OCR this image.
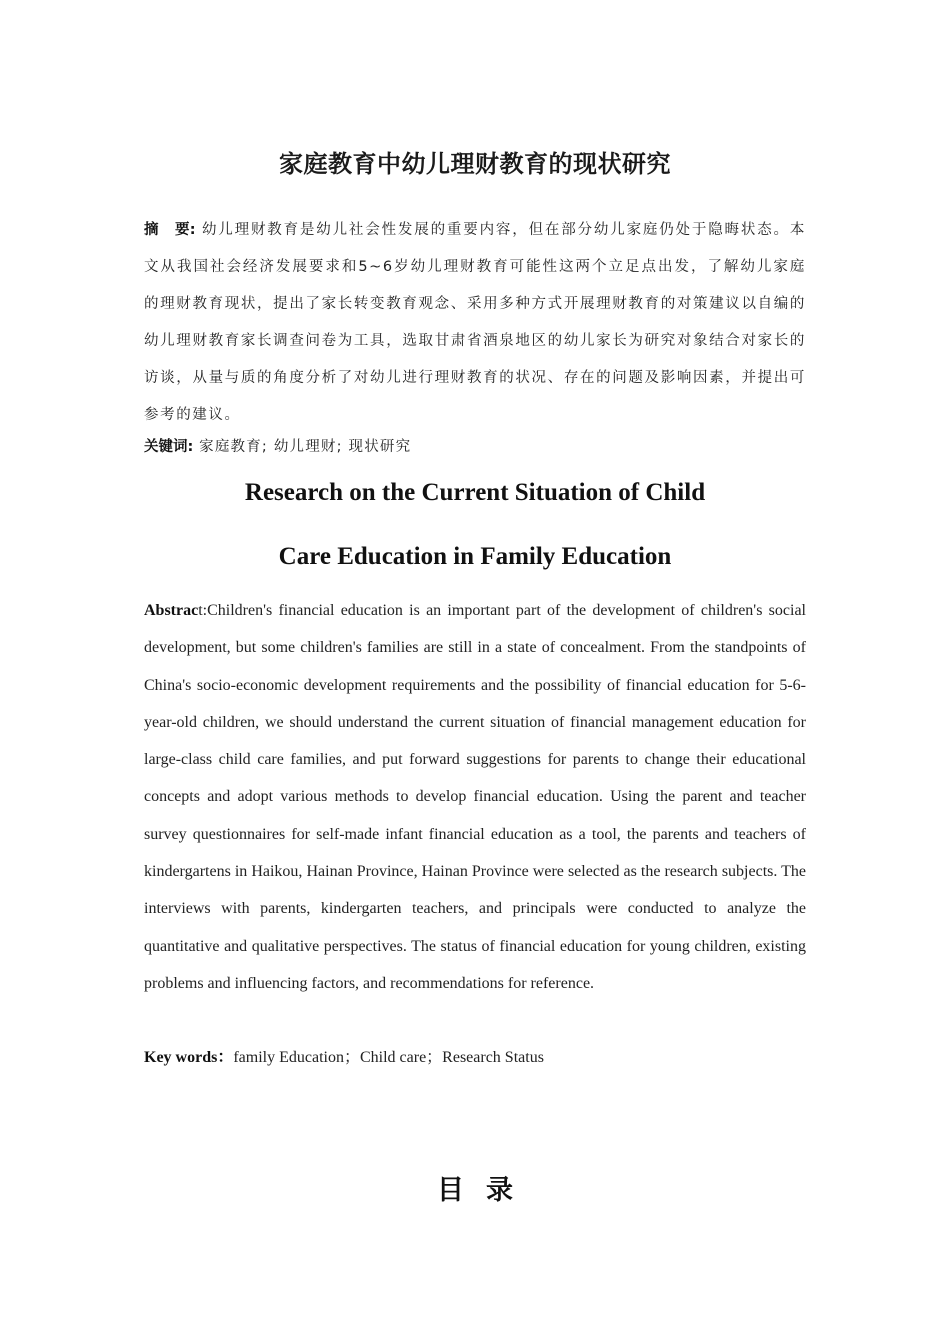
家庭教育中幼儿理财教育的现状研究
摘 要: 幼儿理财教育是幼儿社会性发展的重要内容，但在部分幼儿家庭仍处于隐晦状态。本文从我国社会经济发展要求和5~6岁幼儿理财教育可能性这两个立足点出发，了解幼儿家庭的理财教育现状，提出了家长转变教育观念、采用多种方式开展理财教育的对策建议以自编的幼儿理财教育家长调查问卷为工具，选取甘肃省酒泉地区的幼儿家长为研究对象结合对家长的访谈，从量与质的角度分析了对幼儿进行理财教育的状况、存在的问题及影响因素，并提出可参考的建议。
关键词: 家庭教育; 幼儿理财; 现状研究
Research on the Current Situation of Child
Care Education in Family Education
Abstract:Children's financial education is an important part of the development of children's social development, but some children's families are still in a state of concealment. From the standpoints of China's socio-economic development requirements and the possibility of financial education for 5-6-year-old children, we should understand the current situation of financial management education for large-class child care families, and put forward suggestions for parents to change their educational concepts and adopt various methods to develop financial education. Using the parent and teacher survey questionnaires for self-made infant financial education as a tool, the parents and teachers of kindergartens in Haikou, Hainan Province, Hainan Province were selected as the research subjects. The interviews with parents, kindergarten teachers, and principals were conducted to analyze the quantitative and qualitative perspectives. The status of financial education for young children, existing problems and influencing factors, and recommendations for reference.
Key words：family Education；Child care；Research Status
目录
